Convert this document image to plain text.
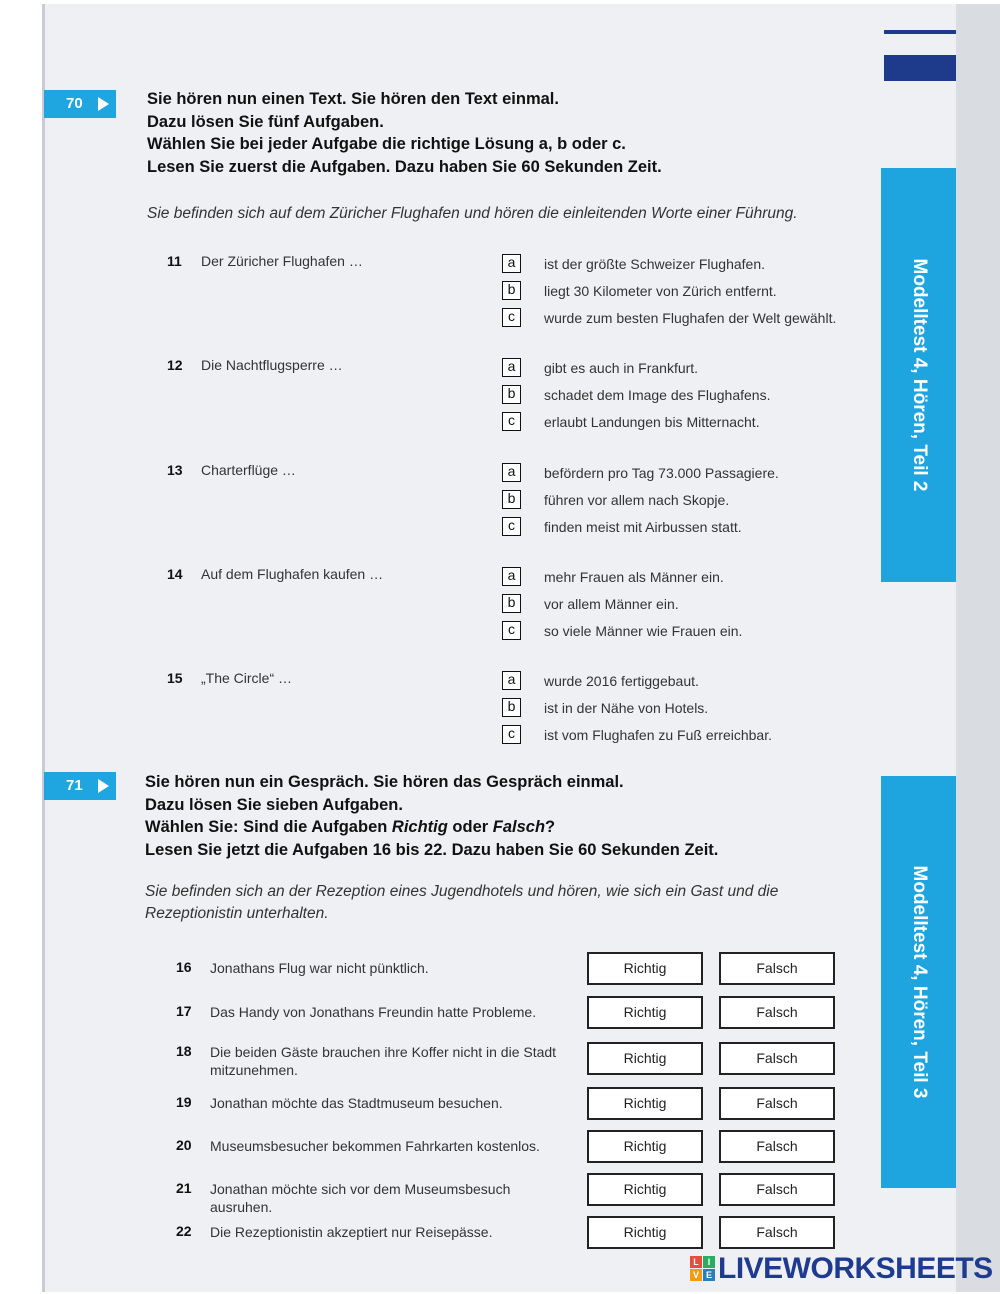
70	Sie hören nun einen Text. Sie hören den Text einmal.
Dazu lösen Sie fünf Aufgaben.
Wählen Sie bei jeder Aufgabe die richtige Lösung a, b oder c.
Lesen Sie zuerst die Aufgaben. Dazu haben Sie 60 Sekunden Zeit.
Sie befinden sich auf dem Züricher Flughafen und hören die einleitenden Worte einer Führung.
11 Der Züricher Flughafen …	a	ist der größte Schweizer Flughafen.
b	liegt 30 Kilometer von Zürich entfernt.
c	wurde zum besten Flughafen der Welt gewählt.
12 Die Nachtflugsperre …	a	gibt es auch in Frankfurt.
b	schadet dem Image des Flughafens.
c	erlaubt Landungen bis Mitternacht.
13 Charterflüge …	a	befördern pro Tag 73.000 Passagiere.
b	führen vor allem nach Skopje.
c	finden meist mit Airbussen statt.
14 Auf dem Flughafen kaufen …	a	mehr Frauen als Männer ein.
b	vor allem Männer ein.
c	so viele Männer wie Frauen ein.
15 „The Circle“ …	a	wurde 2016 fertiggebaut.
b	ist in der Nähe von Hotels.
c	ist vom Flughafen zu Fuß erreichbar.
71	Sie hören nun ein Gespräch. Sie hören das Gespräch einmal.
Dazu lösen Sie sieben Aufgaben.
Wählen Sie: Sind die Aufgaben Richtig oder Falsch?
Lesen Sie jetzt die Aufgaben 16 bis 22. Dazu haben Sie 60 Sekunden Zeit.
Sie befinden sich an der Rezeption eines Jugendhotels und hören, wie sich ein Gast und die
Rezeptionistin unterhalten.
16 Jonathans Flug war nicht pünktlich.	Richtig	Falsch
17 Das Handy von Jonathans Freundin hatte Probleme.	Richtig	Falsch
18 Die beiden Gäste brauchen ihre Koffer nicht in die Stadt mitzunehmen.
Richtig	Falsch
19 Jonathan möchte das Stadtmuseum besuchen.	Richtig	Falsch
20 Museumsbesucher bekommen Fahrkarten kostenlos.	Richtig	Falsch
21 Jonathan möchte sich vor dem Museumsbesuch ausruhen.
Richtig	Falsch
22 Die Rezeptionistin akzeptiert nur Reisepässe.	Richtig	Falsch
Modelltest 4, Hören, Teil 2
Modelltest 4, Hören, Teil 3
L I
V E LIVEWORKSHEETS
